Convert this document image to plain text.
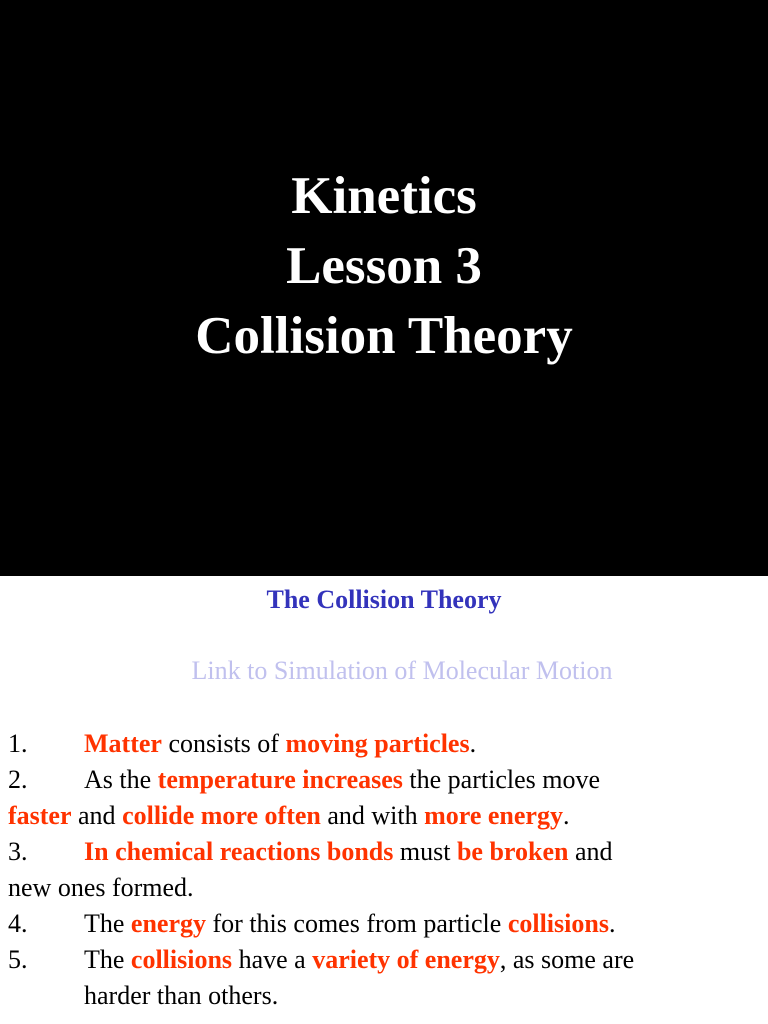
Kinetics
Lesson 3
Collision Theory
The Collision Theory
Link to Simulation of Molecular Motion
1. Matter consists of moving particles.
2. As the temperature increases the particles move
faster and collide more often and with more energy.
3. In chemical reactions bonds must be broken and
new ones formed.
4. The energy for this comes from particle collisions.
5. The collisions have a variety of energy, as some are
harder than others.
